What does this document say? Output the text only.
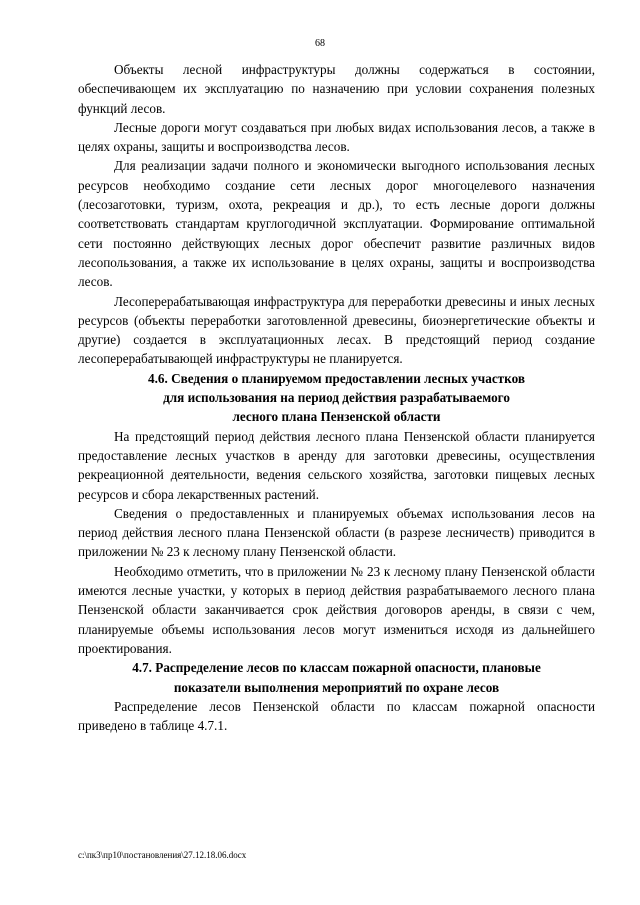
68

Объекты лесной инфраструктуры должны содержаться в состоянии, обеспечивающем их эксплуатацию по назначению при условии сохранения полезных функций лесов.

Лесные дороги могут создаваться при любых видах использования лесов, а также в целях охраны, защиты и воспроизводства лесов.

Для реализации задачи полного и экономически выгодного использования лесных ресурсов необходимо создание сети лесных дорог многоцелевого назначения (лесозаготовки, туризм, охота, рекреация и др.), то есть лесные дороги должны соответствовать стандартам круглогодичной эксплуатации. Формирование оптимальной сети постоянно действующих лесных дорог обеспечит развитие различных видов лесопользования, а также их использование в целях охраны, защиты и воспроизводства лесов.

Лесоперерабатывающая инфраструктура для переработки древесины и иных лесных ресурсов (объекты переработки заготовленной древесины, биоэнергетические объекты и другие) создается в эксплуатационных лесах. В предстоящий период создание лесоперерабатывающей инфраструктуры не планируется.

4.6. Сведения о планируемом предоставлении лесных участков
для использования на период действия разрабатываемого
лесного плана Пензенской области

На предстоящий период действия лесного плана Пензенской области планируется предоставление лесных участков в аренду для заготовки древесины, осуществления рекреационной деятельности, ведения сельского хозяйства, заготовки пищевых лесных ресурсов и сбора лекарственных растений.

Сведения о предоставленных и планируемых объемах использования лесов на период действия лесного плана Пензенской области (в разрезе лесничеств) приводится в приложении № 23 к лесному плану Пензенской области.

Необходимо отметить, что в приложении № 23 к лесному плану Пензенской области имеются лесные участки, у которых в период действия разрабатываемого лесного плана Пензенской области заканчивается срок действия договоров аренды, в связи с чем, планируемые объемы использования лесов могут измениться исходя из дальнейшего проектирования.

4.7. Распределение лесов по классам пожарной опасности, плановые
показатели выполнения мероприятий по охране лесов

Распределение лесов Пензенской области по классам пожарной опасности приведено в таблице 4.7.1.

c:\пк3\пр10\постановления\27.12.18.06.docx
